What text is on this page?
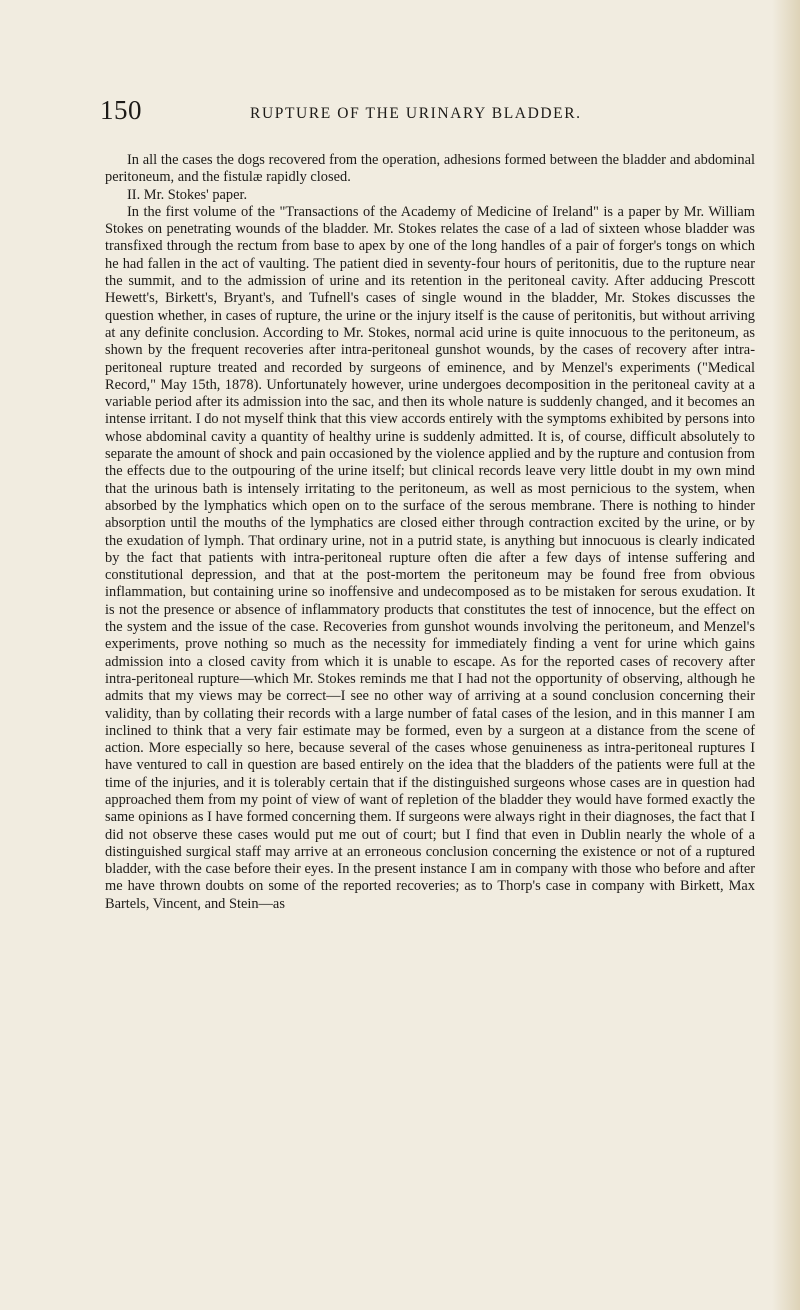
150	RUPTURE OF THE URINARY BLADDER.

In all the cases the dogs recovered from the operation, adhesions formed between the bladder and abdominal peritoneum, and the fistulæ rapidly closed.

II. Mr. Stokes' paper.

In the first volume of the "Transactions of the Academy of Medicine of Ireland" is a paper by Mr. William Stokes on penetrating wounds of the bladder. Mr. Stokes relates the case of a lad of sixteen whose bladder was transfixed through the rectum from base to apex by one of the long handles of a pair of forger's tongs on which he had fallen in the act of vaulting. The patient died in seventy-four hours of peritonitis, due to the rupture near the summit, and to the admission of urine and its retention in the peritoneal cavity. After adducing Prescott Hewett's, Birkett's, Bryant's, and Tufnell's cases of single wound in the bladder, Mr. Stokes discusses the question whether, in cases of rupture, the urine or the injury itself is the cause of peritonitis, but without arriving at any definite conclusion. According to Mr. Stokes, normal acid urine is quite innocuous to the peritoneum, as shown by the frequent recoveries after intra-peritoneal gunshot wounds, by the cases of recovery after intra-peritoneal rupture treated and recorded by surgeons of eminence, and by Menzel's experiments ("Medical Record," May 15th, 1878). Unfortunately however, urine undergoes decomposition in the peritoneal cavity at a variable period after its admission into the sac, and then its whole nature is suddenly changed, and it becomes an intense irritant. I do not myself think that this view accords entirely with the symptoms exhibited by persons into whose abdominal cavity a quantity of healthy urine is suddenly admitted. It is, of course, difficult absolutely to separate the amount of shock and pain occasioned by the violence applied and by the rupture and contusion from the effects due to the outpouring of the urine itself; but clinical records leave very little doubt in my own mind that the urinous bath is intensely irritating to the peritoneum, as well as most pernicious to the system, when absorbed by the lymphatics which open on to the surface of the serous membrane. There is nothing to hinder absorption until the mouths of the lymphatics are closed either through contraction excited by the urine, or by the exudation of lymph. That ordinary urine, not in a putrid state, is anything but innocuous is clearly indicated by the fact that patients with intra-peritoneal rupture often die after a few days of intense suffering and constitutional depression, and that at the post-mortem the peritoneum may be found free from obvious inflammation, but containing urine so inoffensive and undecomposed as to be mistaken for serous exudation. It is not the presence or absence of inflammatory products that constitutes the test of innocence, but the effect on the system and the issue of the case. Recoveries from gunshot wounds involving the peritoneum, and Menzel's experiments, prove nothing so much as the necessity for immediately finding a vent for urine which gains admission into a closed cavity from which it is unable to escape. As for the reported cases of recovery after intra-peritoneal rupture—which Mr. Stokes reminds me that I had not the opportunity of observing, although he admits that my views may be correct—I see no other way of arriving at a sound conclusion concerning their validity, than by collating their records with a large number of fatal cases of the lesion, and in this manner I am inclined to think that a very fair estimate may be formed, even by a surgeon at a distance from the scene of action. More especially so here, because several of the cases whose genuineness as intra-peritoneal ruptures I have ventured to call in question are based entirely on the idea that the bladders of the patients were full at the time of the injuries, and it is tolerably certain that if the distinguished surgeons whose cases are in question had approached them from my point of view of want of repletion of the bladder they would have formed exactly the same opinions as I have formed concerning them. If surgeons were always right in their diagnoses, the fact that I did not observe these cases would put me out of court; but I find that even in Dublin nearly the whole of a distinguished surgical staff may arrive at an erroneous conclusion concerning the existence or not of a ruptured bladder, with the case before their eyes. In the present instance I am in company with those who before and after me have thrown doubts on some of the reported recoveries; as to Thorp's case in company with Birkett, Max Bartels, Vincent, and Stein—as
